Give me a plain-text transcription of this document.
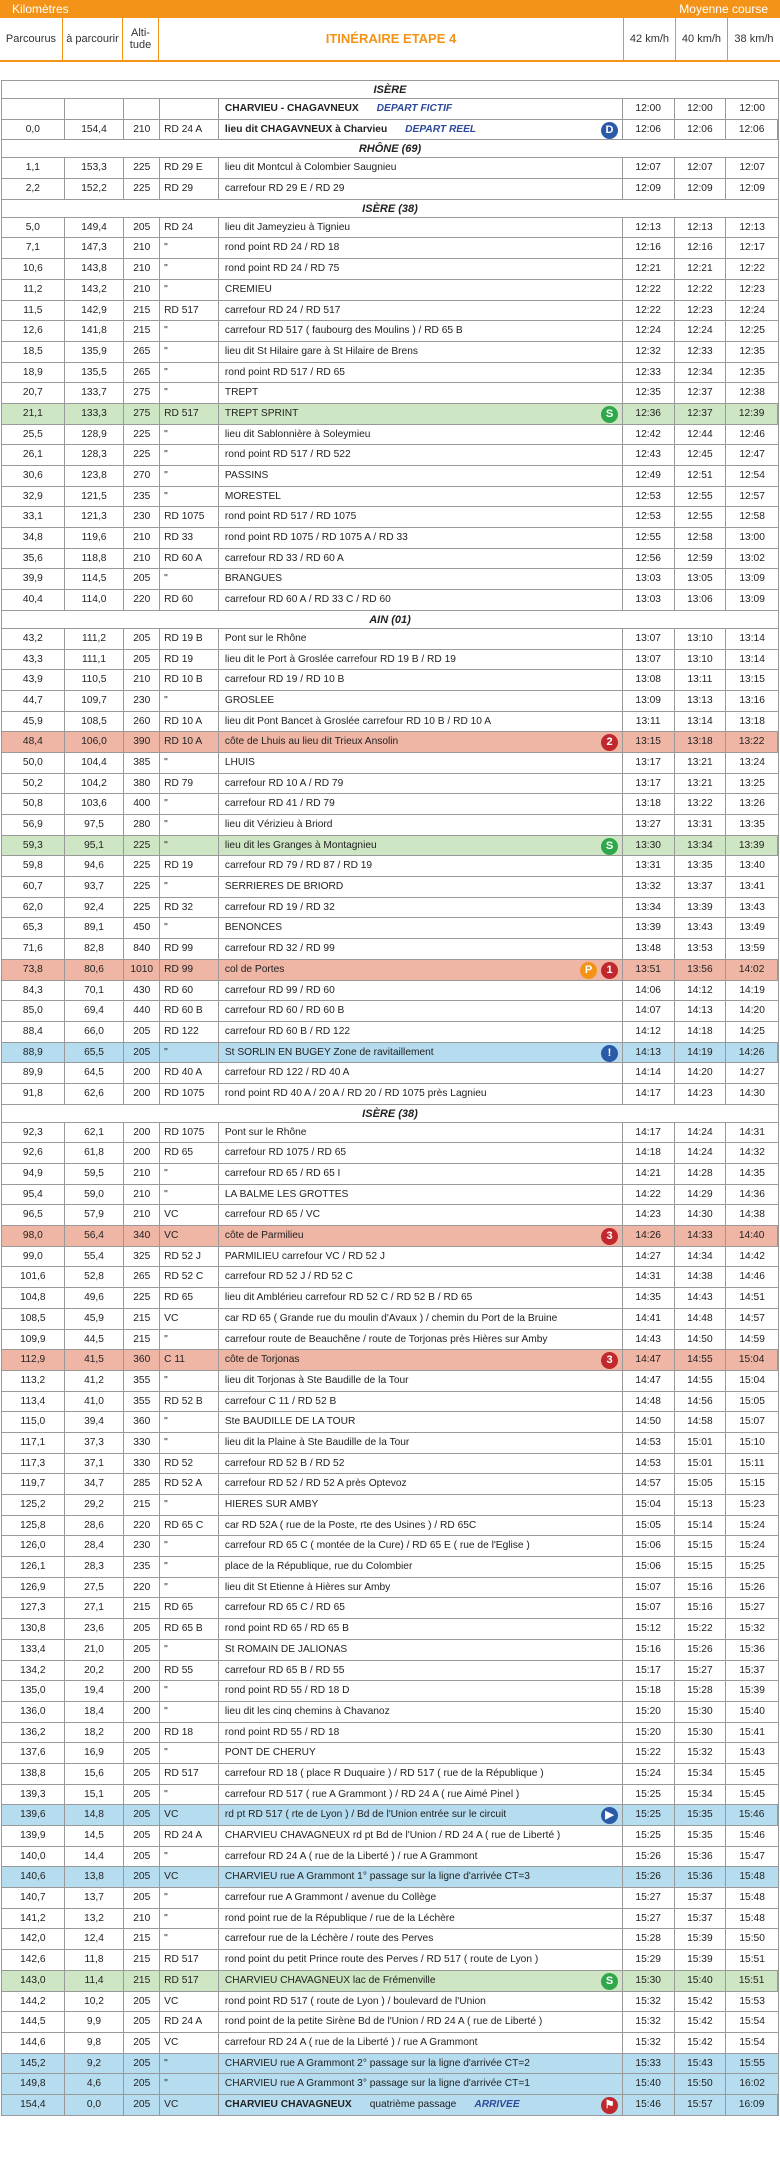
Kilomètres	Moyenne course
Parcourus à parcourir	Alti-tude	ITINÉRAIRE ETAPE 4	42 km/h	40 km/h	38 km/h
ISÈRE
CHARVIEU - CHAGAVNEUX DEPART FICTIF	12:00	12:00	12:00
0,0	154,4	210	RD 24 A	lieu dit CHAGAVNEUX à Charvieu DEPART REEL	12:06	12:06	12:06
D
RHÔNE (69)
1,1	153,3	225	RD 29 E	lieu dit Montcul à Colombier Saugnieu	12:07	12:07	12:07
2,2	152,2	225	RD 29	carrefour RD 29 E / RD 29	12:09	12:09	12:09
ISÈRE (38)
5,0	149,4	205	RD 24	lieu dit Jameyzieu à Tignieu	12:13	12:13	12:13
7,1	147,3	210	"	rond point RD 24 / RD 18	12:16	12:16	12:17
10,6	143,8	210	"	rond point RD 24 / RD 75	12:21	12:21	12:22
11,2	143,2	210	"	CREMIEU	12:22	12:22	12:23
11,5	142,9	215	RD 517	carrefour RD 24 / RD 517	12:22	12:23	12:24
12,6	141,8	215	"	carrefour RD 517 ( faubourg des Moulins ) / RD 65 B	12:24	12:24	12:25
18,5	135,9	265	"	lieu dit St Hilaire gare à St Hilaire de Brens	12:32	12:33	12:35
18,9	135,5	265	"	rond point RD 517 / RD 65	12:33	12:34	12:35
20,7	133,7	275	"	TREPT	12:35	12:37	12:38
21,1	133,3	275	RD 517	TREPT SPRINT	12:36	12:37	12:39
S
25,5	128,9	225	"	lieu dit Sablonnière à Soleymieu	12:42	12:44	12:46
26,1	128,3	225	"	rond point RD 517 / RD 522	12:43	12:45	12:47
30,6	123,8	270	"	PASSINS	12:49	12:51	12:54
32,9	121,5	235	"	MORESTEL	12:53	12:55	12:57
33,1	121,3	230	RD 1075	rond point RD 517 / RD 1075	12:53	12:55	12:58
34,8	119,6	210	RD 33	rond point RD 1075 / RD 1075 A / RD 33	12:55	12:58	13:00
35,6	118,8	210	RD 60 A	carrefour RD 33 / RD 60 A	12:56	12:59	13:02
39,9	114,5	205	"	BRANGUES	13:03	13:05	13:09
40,4	114,0	220	RD 60	carrefour RD 60 A / RD 33 C / RD 60	13:03	13:06	13:09
AIN (01)
43,2	111,2	205	RD 19 B	Pont sur le Rhône	13:07	13:10	13:14
43,3	111,1	205	RD 19	lieu dit le Port à Groslée carrefour RD 19 B / RD 19	13:07	13:10	13:14
43,9	110,5	210	RD 10 B	carrefour RD 19 / RD 10 B	13:08	13:11	13:15
44,7	109,7	230	"	GROSLEE	13:09	13:13	13:16
45,9	108,5	260	RD 10 A	lieu dit Pont Bancet à Groslée carrefour RD 10 B / RD 10 A	13:11	13:14	13:18
48,4	106,0	390	RD 10 A	côte de Lhuis au lieu dit Trieux Ansolin	13:15	13:18	13:22
2
50,0	104,4	385	"	LHUIS	13:17	13:21	13:24
50,2	104,2	380	RD 79	carrefour RD 10 A / RD 79	13:17	13:21	13:25
50,8	103,6	400	"	carrefour RD 41 / RD 79	13:18	13:22	13:26
56,9	97,5	280	"	lieu dit Vérizieu à Briord	13:27	13:31	13:35
59,3	95,1	225	"	lieu dit les Granges à Montagnieu	13:30	13:34	13:39
S
59,8	94,6	225	RD 19	carrefour RD 79 / RD 87 / RD 19	13:31	13:35	13:40
60,7	93,7	225	"	SERRIERES DE BRIORD	13:32	13:37	13:41
62,0	92,4	225	RD 32	carrefour RD 19 / RD 32	13:34	13:39	13:43
65,3	89,1	450	"	BENONCES	13:39	13:43	13:49
71,6	82,8	840	RD 99	carrefour RD 32 / RD 99	13:48	13:53	13:59
73,8	80,6	1010	RD 99	col de Portes	13:51	13:56	14:02
1
P
84,3	70,1	430	RD 60	carrefour RD 99 / RD 60	14:06	14:12	14:19
85,0	69,4	440	RD 60 B	carrefour RD 60 / RD 60 B	14:07	14:13	14:20
88,4	66,0	205	RD 122	carrefour RD 60 B / RD 122	14:12	14:18	14:25
88,9	65,5	205	"	St SORLIN EN BUGEY Zone de ravitaillement	14:13	14:19	14:26
!
89,9	64,5	200	RD 40 A	carrefour RD 122 / RD 40 A	14:14	14:20	14:27
91,8	62,6	200	RD 1075	rond point RD 40 A / 20 A / RD 20 / RD 1075 près Lagnieu	14:17	14:23	14:30
ISÈRE (38)
92,3	62,1	200	RD 1075	Pont sur le Rhône	14:17	14:24	14:31
92,6	61,8	200	RD 65	carrefour RD 1075 / RD 65	14:18	14:24	14:32
94,9	59,5	210	"	carrefour RD 65 / RD 65 I	14:21	14:28	14:35
95,4	59,0	210	"	LA BALME LES GROTTES	14:22	14:29	14:36
96,5	57,9	210	VC	carrefour RD 65 / VC	14:23	14:30	14:38
98,0	56,4	340	VC	côte de Parmilieu	14:26	14:33	14:40
3
99,0	55,4	325	RD 52 J	PARMILIEU carrefour VC / RD 52 J	14:27	14:34	14:42
101,6	52,8	265	RD 52 C	carrefour RD 52 J / RD 52 C	14:31	14:38	14:46
104,8	49,6	225	RD 65	lieu dit Amblérieu carrefour RD 52 C / RD 52 B / RD 65	14:35	14:43	14:51
108,5	45,9	215	VC	car RD 65 ( Grande rue du moulin d'Avaux ) / chemin du Port de la Bruine	14:41	14:48	14:57
109,9	44,5	215	"	carrefour route de Beauchêne / route de Torjonas près Hières sur Amby	14:43	14:50	14:59
112,9	41,5	360	C 11	côte de Torjonas	14:47	14:55	15:04
3
113,2	41,2	355	"	lieu dit Torjonas à Ste Baudille de la Tour	14:47	14:55	15:04
113,4	41,0	355	RD 52 B	carrefour C 11 / RD 52 B	14:48	14:56	15:05
115,0	39,4	360	"	Ste BAUDILLE DE LA TOUR	14:50	14:58	15:07
117,1	37,3	330	"	lieu dit la Plaine à Ste Baudille de la Tour	14:53	15:01	15:10
117,3	37,1	330	RD 52	carrefour RD 52 B / RD 52	14:53	15:01	15:11
119,7	34,7	285	RD 52 A	carrefour RD 52 / RD 52 A près Optevoz	14:57	15:05	15:15
125,2	29,2	215	"	HIERES SUR AMBY	15:04	15:13	15:23
125,8	28,6	220	RD 65 C	car RD 52A ( rue de la Poste, rte des Usines ) / RD 65C	15:05	15:14	15:24
126,0	28,4	230	"	carrefour RD 65 C ( montée de la Cure) / RD 65 E ( rue de l'Eglise )	15:06	15:15	15:24
126,1	28,3	235	"	place de la République, rue du Colombier	15:06	15:15	15:25
126,9	27,5	220	"	lieu dit St Etienne à Hières sur Amby	15:07	15:16	15:26
127,3	27,1	215	RD 65	carrefour RD 65 C / RD 65	15:07	15:16	15:27
130,8	23,6	205	RD 65 B	rond point RD 65 / RD 65 B	15:12	15:22	15:32
133,4	21,0	205	"	St ROMAIN DE JALIONAS	15:16	15:26	15:36
134,2	20,2	200	RD 55	carrefour RD 65 B / RD 55	15:17	15:27	15:37
135,0	19,4	200	"	rond point RD 55 / RD 18 D	15:18	15:28	15:39
136,0	18,4	200	"	lieu dit les cinq chemins à Chavanoz	15:20	15:30	15:40
136,2	18,2	200	RD 18	rond point RD 55 / RD 18	15:20	15:30	15:41
137,6	16,9	205	"	PONT DE CHERUY	15:22	15:32	15:43
138,8	15,6	205	RD 517	carrefour RD 18 ( place R Duquaire ) / RD 517 ( rue de la République )	15:24	15:34	15:45
139,3	15,1	205	"	carrefour RD 517 ( rue A Grammont ) / RD 24 A ( rue Aimé Pinel )	15:25	15:34	15:45
139,6	14,8	205	VC	rd pt RD 517 ( rte de Lyon ) / Bd de l'Union entrée sur le circuit	15:25	15:35	15:46
▶
139,9	14,5	205	RD 24 A	CHARVIEU CHAVAGNEUX rd pt Bd de l'Union / RD 24 A ( rue de Liberté )	15:25	15:35	15:46
140,0	14,4	205	"	carrefour RD 24 A ( rue de la Liberté ) / rue A Grammont	15:26	15:36	15:47
140,6	13,8	205	VC	CHARVIEU rue A Grammont 1° passage sur la ligne d'arrivée CT=3	15:26	15:36	15:48
140,7	13,7	205	"	carrefour rue A Grammont / avenue du Collège	15:27	15:37	15:48
141,2	13,2	210	"	rond point rue de la République / rue de la Léchère	15:27	15:37	15:48
142,0	12,4	215	"	carrefour rue de la Léchère / route des Perves	15:28	15:39	15:50
142,6	11,8	215	RD 517	rond point du petit Prince route des Perves / RD 517 ( route de Lyon )	15:29	15:39	15:51
143,0	11,4	215	RD 517	CHARVIEU CHAVAGNEUX lac de Frémenville	15:30	15:40	15:51
S
144,2	10,2	205	VC	rond point RD 517 ( route de Lyon ) / boulevard de l'Union	15:32	15:42	15:53
144,5	9,9	205	RD 24 A	rond point de la petite Sirène Bd de l'Union / RD 24 A ( rue de Liberté )	15:32	15:42	15:54
144,6	9,8	205	VC	carrefour RD 24 A ( rue de la Liberté ) / rue A Grammont	15:32	15:42	15:54
145,2	9,2	205	"	CHARVIEU rue A Grammont 2° passage sur la ligne d'arrivée CT=2	15:33	15:43	15:55
149,8	4,6	205	"	CHARVIEU rue A Grammont 3° passage sur la ligne d'arrivée CT=1	15:40	15:50	16:02
154,4	0,0	205	VC	CHARVIEU CHAVAGNEUX quatrième passage ARRIVEE	15:46	15:57	16:09
⚑
